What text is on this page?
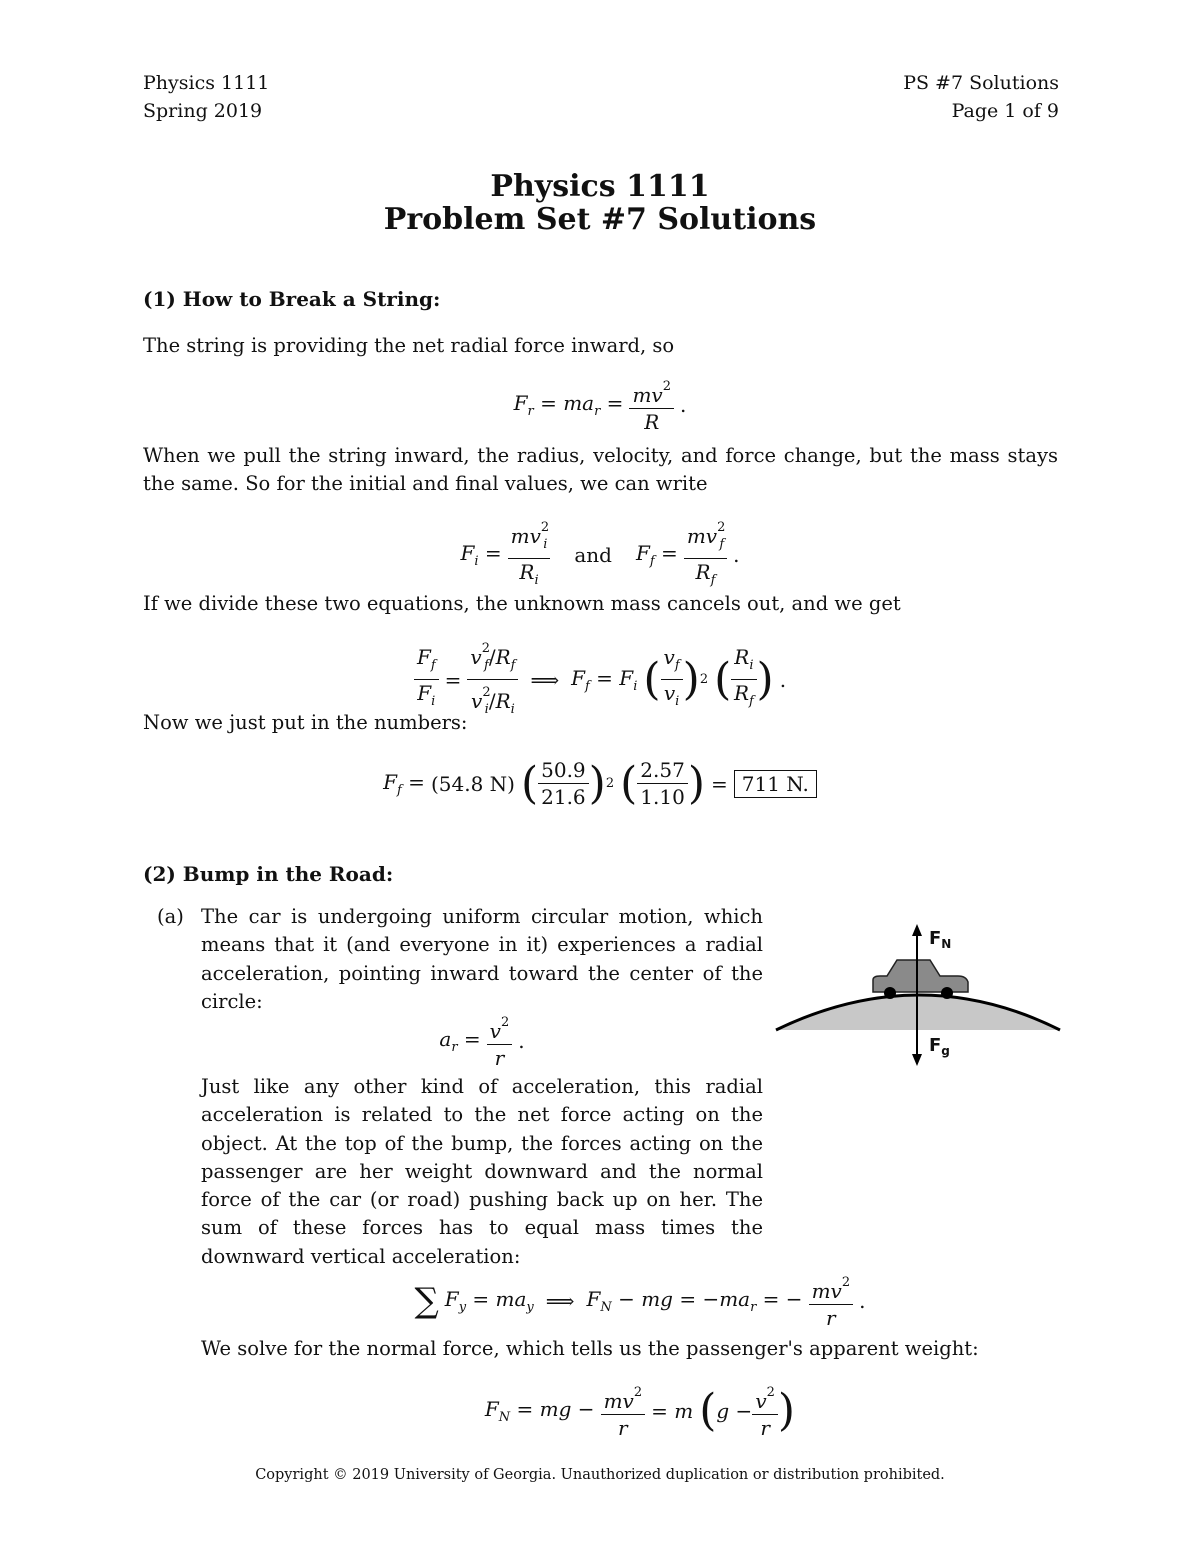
Physics 1111
Spring 2019
PS #7 Solutions
Page 1 of 9
Physics 1111
Problem Set #7 Solutions
(1) How to Break a String:
The string is providing the net radial force inward, so
$F_r = ma_r = \frac{mv^2}{R}$ .
When we pull the string inward, the radius, velocity, and force change, but the mass stays the same. So for the initial and final values, we can write
$F_i = \frac{mv^2_i}{R_i}$ and $F_f = \frac{mv^2_f}{R_f}$ .
If we divide these two equations, the unknown mass cancels out, and we get
$\frac{F_f}{F_i} = \frac{v^2_f/R_f}{v^2_i/R_i}$ ⟹ $F_f = F_i$ ( $\frac{v_f}{v_i}$ ) 2 ( $\frac{R_i}{R_f}$ ) .
Now we just put in the numbers:
$F_f = (54.8$ N) ( $\frac{50.9}{21.6}$ ) 2 ( $\frac{2.57}{1.10}$ ) = 711 N.
(2) Bump in the Road:
(a) The car is undergoing uniform circular motion, which means that it (and everyone in it) experiences a radial acceleration, pointing inward toward the center of the circle:
$a_r = \frac{v^2}{r}$ .
Just like any other kind of acceleration, this radial acceleration is related to the net force acting on the object. At the top of the bump, the forces acting on the passenger are her weight downward and the normal force of the car (or road) pushing back up on her. The sum of these forces has to equal mass times the downward vertical acceleration:
∑ $F_y = ma_y$ ⟹ $F_N$ − mg = $-ma_r$ = − $\frac{mv^2}{r}$ .
We solve for the normal force, which tells us the passenger's apparent weight:
$F_N$ = mg − $\frac{mv^2}{r} = m$ ( $g - \frac{v^2}{r}$ )
$F_N$
$F_g$
Copyright © 2019 University of Georgia. Unauthorized duplication or distribution prohibited.
